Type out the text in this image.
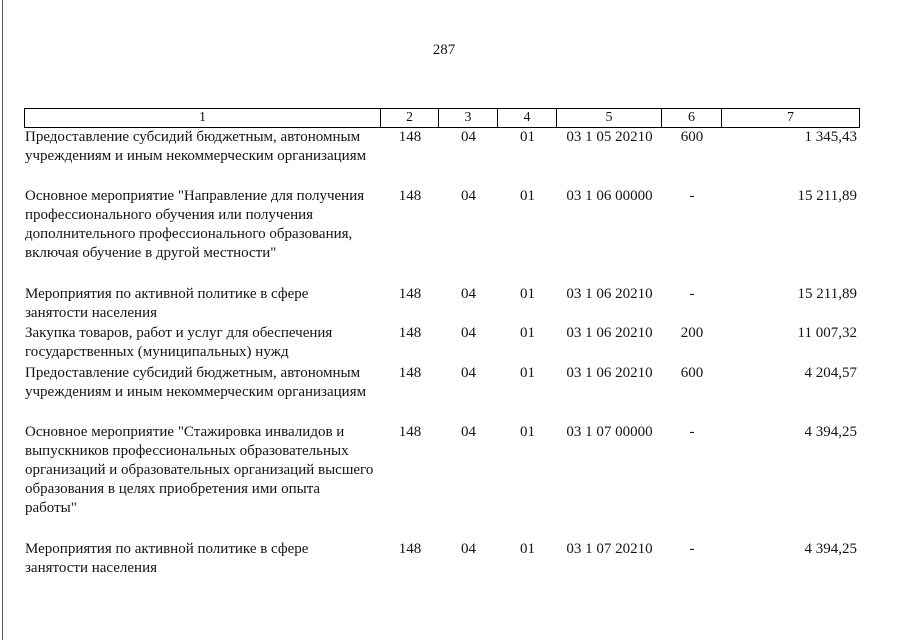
287
1	2	3	4	5	6	7
Предоставление субсидий бюджетным, автономным
учреждениям и иным некоммерческим организациям
148	04	01	03 1 05 20210	600	1 345,43
Основное мероприятие "Направление для получения
профессионального обучения или получения
дополнительного профессионального образования,
включая обучение в другой местности"
148	04	01	03 1 06 00000	-	15 211,89
Мероприятия по активной политике в сфере
занятости населения
148	04	01	03 1 06 20210	-	15 211,89
Закупка товаров, работ и услуг для обеспечения
государственных (муниципальных) нужд
148	04	01	03 1 06 20210	200	11 007,32
Предоставление субсидий бюджетным, автономным
учреждениям и иным некоммерческим организациям
148	04	01	03 1 06 20210	600	4 204,57
Основное мероприятие "Стажировка инвалидов и
выпускников профессиональных образовательных
организаций и образовательных организаций высшего
образования в целях приобретения ими опыта
работы"
148	04	01	03 1 07 00000	-	4 394,25
Мероприятия по активной политике в сфере
занятости населения
148	04	01	03 1 07 20210	-	4 394,25
